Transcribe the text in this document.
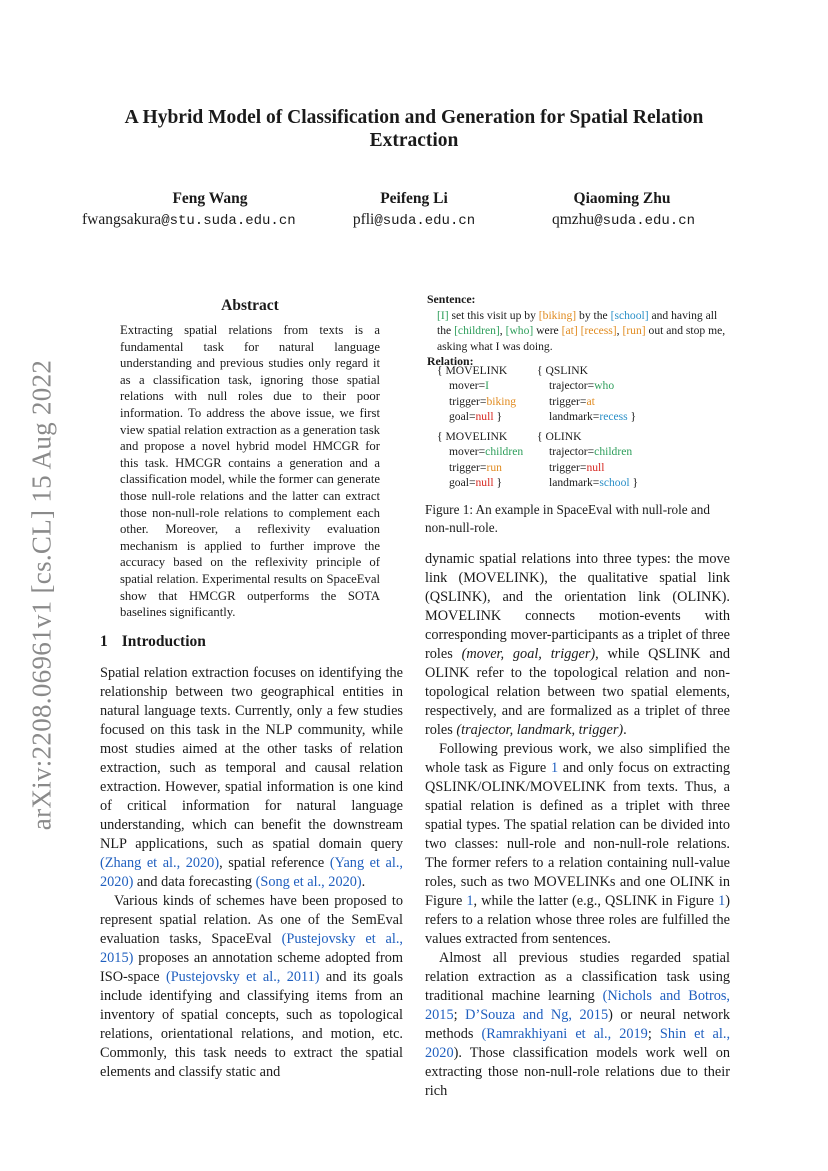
arXiv:2208.06961v1 [cs.CL] 15 Aug 2022
A Hybrid Model of Classification and Generation for Spatial Relation Extraction
Feng Wang
fwangsakura@stu.suda.edu.cn
Peifeng Li
pfli@suda.edu.cn
Qiaoming Zhu
qmzhu@suda.edu.cn
Abstract
Extracting spatial relations from texts is a fundamental task for natural language understanding and previous studies only regard it as a classification task, ignoring those spatial relations with null roles due to their poor information. To address the above issue, we first view spatial relation extraction as a generation task and propose a novel hybrid model HMCGR for this task. HMCGR contains a generation and a classification model, while the former can generate those null-role relations and the latter can extract those non-null-role relations to complement each other. Moreover, a reflexivity evaluation mechanism is applied to further improve the accuracy based on the reflexivity principle of spatial relation. Experimental results on SpaceEval show that HMCGR outperforms the SOTA baselines significantly.
Sentence:
[I] set this visit up by [biking] by the [school] and having all the [children], [who] were [at] [recess], [run] out and stop me, asking what I was doing.
Relation:
{ MOVELINK
mover=I
trigger=biking
goal=null }
{ QSLINK
trajector=who
trigger=at
landmark=recess }
{ MOVELINK
mover=children
trigger=run
goal=null }
{ OLINK
trajector=children
trigger=null
landmark=school }
Figure 1: An example in SpaceEval with null-role and non-null-role.
1 Introduction

Spatial relation extraction focuses on identifying the relationship between two geographical entities in natural language texts. Currently, only a few studies focused on this task in the NLP community, while most studies aimed at the other tasks of relation extraction, such as temporal and causal relation extraction. However, spatial information is one kind of critical information for natural language understanding, which can benefit the downstream NLP applications, such as spatial domain query (Zhang et al., 2020), spatial reference (Yang et al., 2020) and data forecasting (Song et al., 2020).

Various kinds of schemes have been proposed to represent spatial relation. As one of the SemEval evaluation tasks, SpaceEval (Pustejovsky et al., 2015) proposes an annotation scheme adopted from ISO-space (Pustejovsky et al., 2011) and its goals include identifying and classifying items from an inventory of spatial concepts, such as topological relations, orientational relations, and motion, etc. Commonly, this task needs to extract the spatial elements and classify static and

dynamic spatial relations into three types: the move link (MOVELINK), the qualitative spatial link (QSLINK), and the orientation link (OLINK). MOVELINK connects motion-events with corresponding mover-participants as a triplet of three roles (mover, goal, trigger), while QSLINK and OLINK refer to the topological relation and non-topological relation between two spatial elements, respectively, and are formalized as a triplet of three roles (trajector, landmark, trigger).

Following previous work, we also simplified the whole task as Figure 1 and only focus on extracting QSLINK/OLINK/MOVELINK from texts. Thus, a spatial relation is defined as a triplet with three spatial types. The spatial relation can be divided into two classes: null-role and non-null-role relations. The former refers to a relation containing null-value roles, such as two MOVELINKs and one OLINK in Figure 1, while the latter (e.g., QSLINK in Figure 1) refers to a relation whose three roles are fulfilled the values extracted from sentences.

Almost all previous studies regarded spatial relation extraction as a classification task using traditional machine learning (Nichols and Botros, 2015; D’Souza and Ng, 2015) or neural network methods (Ramrakhiyani et al., 2019; Shin et al., 2020). Those classification models work well on extracting those non-null-role relations due to their rich
